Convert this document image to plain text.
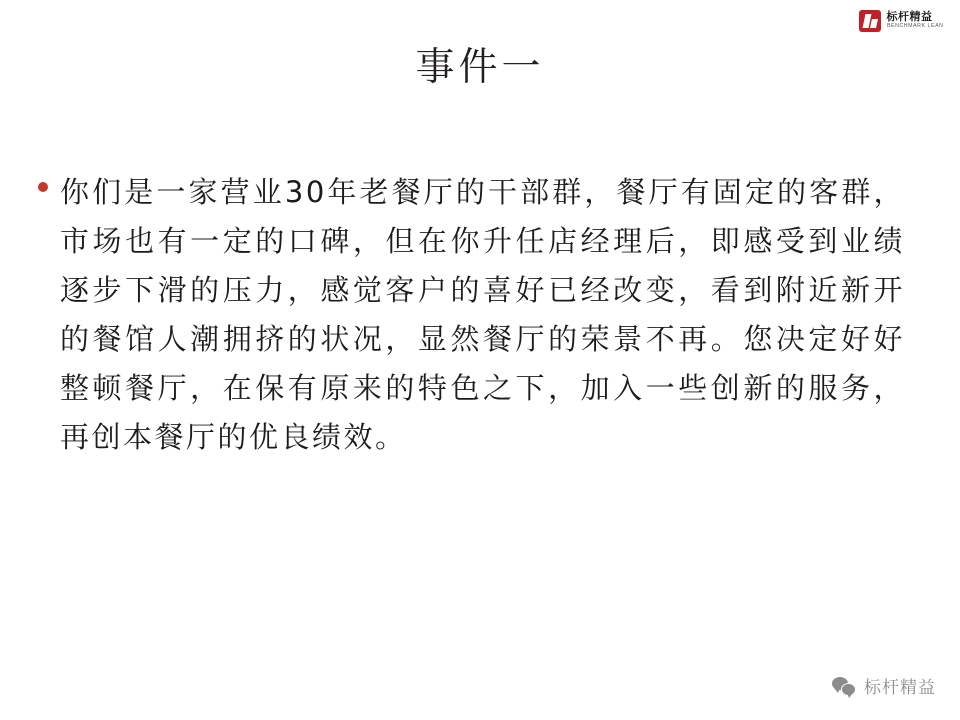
标杆精益
BENCHMARK LEAN
事件一
你们是一家营业30年老餐厅的干部群，餐厅有固定的客群，市场也有一定的口碑，但在你升任店经理后，即感受到业绩逐步下滑的压力，感觉客户的喜好已经改变，看到附近新开的餐馆人潮拥挤的状况，显然餐厅的荣景不再。您决定好好整顿餐厅，在保有原来的特色之下，加入一些创新的服务，再创本餐厅的优良绩效。
标杆精益
